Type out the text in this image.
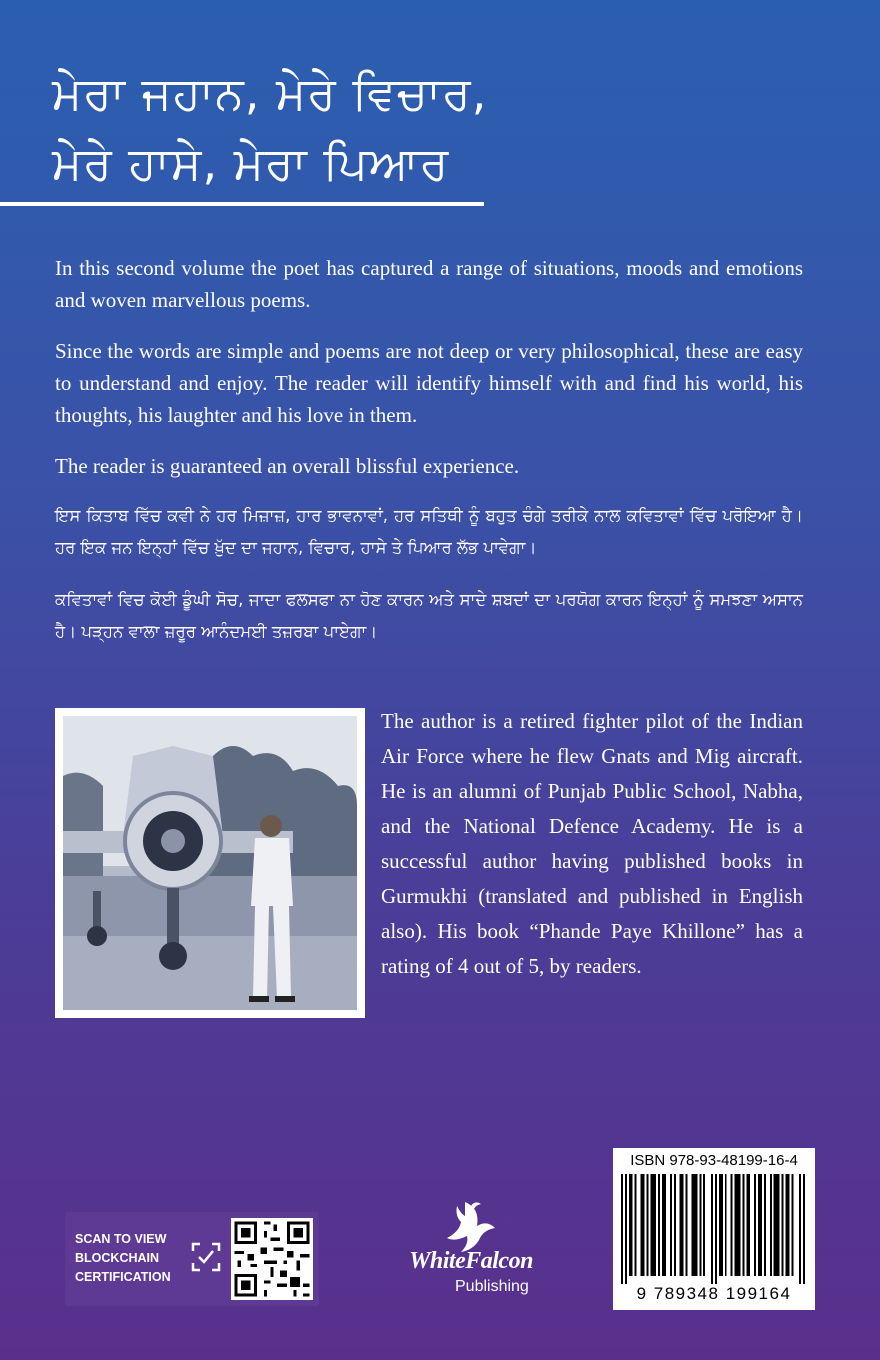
ਮੇਰਾ ਜਹਾਨ, ਮੇਰੇ ਵਿਚਾਰ,
ਮੇਰੇ ਹਾਸੇ, ਮੇਰਾ ਪਿਆਰ

In this second volume the poet has captured a range of situations, moods and emotions and woven marvellous poems.

Since the words are simple and poems are not deep or very philosophical, these are easy to understand and enjoy. The reader will identify himself with and find his world, his thoughts, his laughter and his love in them.

The reader is guaranteed an overall blissful experience.

ਇਸ ਕਿਤਾਬ ਵਿੱਚ ਕਵੀ ਨੇ ਹਰ ਮਿਜ਼ਾਜ਼, ਹਾਰ ਭਾਵਨਾਵਾਂ, ਹਰ ਸਤਿਥੀ ਨੂੰ ਬਹੁਤ ਚੰਗੇ ਤਰੀਕੇ ਨਾਲ ਕਵਿਤਾਵਾਂ ਵਿੱਚ ਪਰੋਇਆ ਹੈ। ਹਰ ਇਕ ਜਨ ਇਨ੍ਹਾਂ ਵਿੱਚ ਖ਼ੁੱਦ ਦਾ ਜਹਾਨ, ਵਿਚਾਰ, ਹਾਸੇ ਤੇ ਪਿਆਰ ਲੱਭ ਪਾਵੇਗਾ।

ਕਵਿਤਾਵਾਂ ਵਿਚ ਕੋਈ ਡੂੰਘੀ ਸੋਚ, ਜਾਦਾ ਫਲਸਫਾ ਨਾ ਹੋਣ ਕਾਰਨ ਅਤੇ ਸਾਦੇ ਸ਼ਬਦਾਂ ਦਾ ਪਰਯੋਗ ਕਾਰਨ ਇਨ੍ਹਾਂ ਨੂੰ ਸਮਝਣਾ ਅਸਾਨ ਹੈ। ਪੜ੍ਹਨ ਵਾਲਾ ਜ਼ਰੂਰ ਆਨੰਦਮਈ ਤਜ਼ਰਬਾ ਪਾਏਗਾ।

The author is a retired fighter pilot of the Indian Air Force where he flew Gnats and Mig aircraft. He is an alumni of Punjab Public School, Nabha, and the National Defence Academy. He is a successful author having published books in Gurmukhi (translated and published in English also). His book “Phande Paye Khillone” has a rating of 4 out of 5, by readers.

SCAN TO VIEW
BLOCKCHAIN
CERTIFICATION
WhiteFalcon
Publishing
ISBN 978-93-48199-16-4
9 789348 199164
